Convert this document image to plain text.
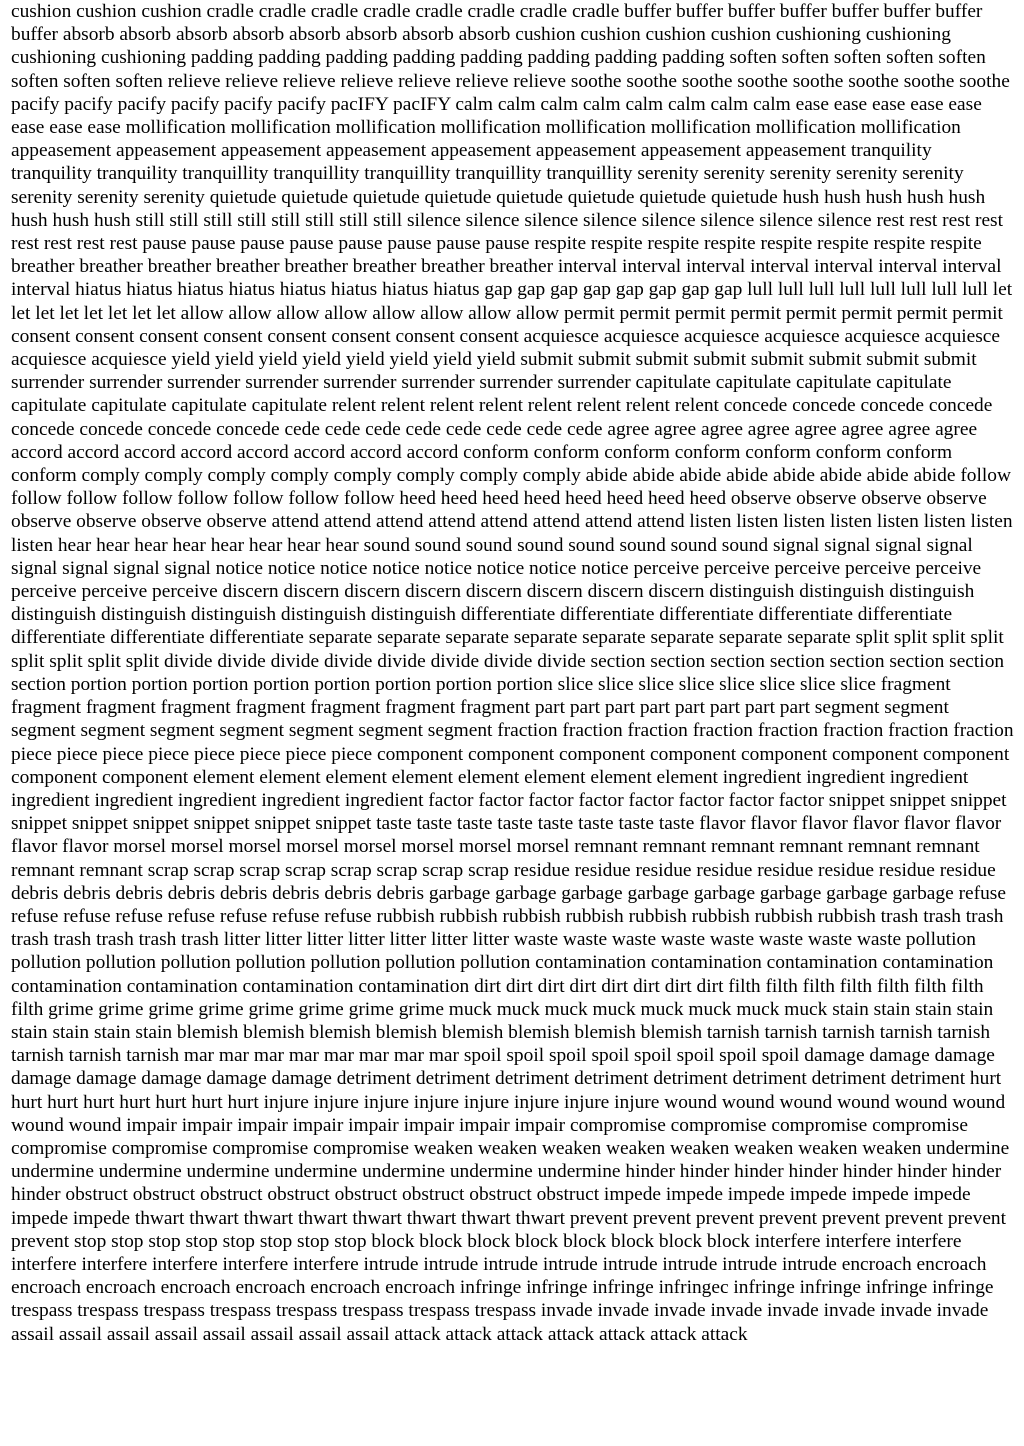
cushion cushion cushion cradle cradle cradle cradle cradle cradle cradle cradle buffer buffer buffer buffer buffer buffer buffer buffer absorb absorb absorb absorb absorb absorb absorb absorb cushion cushion cushion cushion cushioning cushioning cushioning cushioning padding padding padding padding padding padding padding padding soften soften soften soften soften soften soften soften relieve relieve relieve relieve relieve relieve relieve soothe soothe soothe soothe soothe soothe soothe soothe pacify pacify pacify pacify pacify pacify pacIFY pacIFY calm calm calm calm calm calm calm calm ease ease ease ease ease ease ease ease mollification mollification mollification mollification mollification mollification mollification mollification appeasement appeasement appeasement appeasement appeasement appeasement appeasement appeasement tranquility tranquility tranquility tranquillity tranquillity tranquillity tranquillity tranquillity serenity serenity serenity serenity serenity serenity serenity serenity quietude quietude quietude quietude quietude quietude quietude quietude hush hush hush hush hush hush hush hush still still still still still still still still silence silence silence silence silence silence silence silence rest rest rest rest rest rest rest rest pause pause pause pause pause pause pause pause respite respite respite respite respite respite respite respite breather breather breather breather breather breather breather breather interval interval interval interval interval interval interval interval hiatus hiatus hiatus hiatus hiatus hiatus hiatus hiatus gap gap gap gap gap gap gap gap lull lull lull lull lull lull lull lull let let let let let let let let allow allow allow allow allow allow allow allow permit permit permit permit permit permit permit permit consent consent consent consent consent consent consent consent acquiesce acquiesce acquiesce acquiesce acquiesce acquiesce acquiesce acquiesce yield yield yield yield yield yield yield yield submit submit submit submit submit submit submit submit surrender surrender surrender surrender surrender surrender surrender surrender capitulate capitulate capitulate capitulate capitulate capitulate capitulate capitulate relent relent relent relent relent relent relent relent concede concede concede concede concede concede concede concede cede cede cede cede cede cede cede cede agree agree agree agree agree agree agree agree accord accord accord accord accord accord accord accord conform conform conform conform conform conform conform conform comply comply comply comply comply comply comply comply abide abide abide abide abide abide abide abide follow follow follow follow follow follow follow follow heed heed heed heed heed heed heed heed observe observe observe observe observe observe observe observe attend attend attend attend attend attend attend attend listen listen listen listen listen listen listen listen hear hear hear hear hear hear hear hear sound sound sound sound sound sound sound sound signal signal signal signal signal signal signal signal notice notice notice notice notice notice notice notice perceive perceive perceive perceive perceive perceive perceive perceive discern discern discern discern discern discern discern discern distinguish distinguish distinguish distinguish distinguish distinguish distinguish distinguish differentiate differentiate differentiate differentiate differentiate differentiate differentiate differentiate separate separate separate separate separate separate separate separate split split split split split split split split divide divide divide divide divide divide divide divide section section section section section section section section portion portion portion portion portion portion portion portion slice slice slice slice slice slice slice slice fragment fragment fragment fragment fragment fragment fragment fragment part part part part part part part part segment segment segment segment segment segment segment segment segment fraction fraction fraction fraction fraction fraction fraction fraction piece piece piece piece piece piece piece piece component component component component component component component component component element element element element element element element element ingredient ingredient ingredient ingredient ingredient ingredient ingredient ingredient factor factor factor factor factor factor factor factor snippet snippet snippet snippet snippet snippet snippet snippet snippet taste taste taste taste taste taste taste taste flavor flavor flavor flavor flavor flavor flavor flavor morsel morsel morsel morsel morsel morsel morsel morsel remnant remnant remnant remnant remnant remnant remnant remnant scrap scrap scrap scrap scrap scrap scrap scrap residue residue residue residue residue residue residue residue debris debris debris debris debris debris debris debris garbage garbage garbage garbage garbage garbage garbage garbage refuse refuse refuse refuse refuse refuse refuse refuse rubbish rubbish rubbish rubbish rubbish rubbish rubbish rubbish trash trash trash trash trash trash trash trash litter litter litter litter litter litter litter waste waste waste waste waste waste waste waste pollution pollution pollution pollution pollution pollution pollution pollution contamination contamination contamination contamination contamination contamination contamination contamination dirt dirt dirt dirt dirt dirt dirt dirt filth filth filth filth filth filth filth filth grime grime grime grime grime grime grime grime muck muck muck muck muck muck muck muck stain stain stain stain stain stain stain stain blemish blemish blemish blemish blemish blemish blemish blemish tarnish tarnish tarnish tarnish tarnish tarnish tarnish tarnish mar mar mar mar mar mar mar mar spoil spoil spoil spoil spoil spoil spoil spoil damage damage damage damage damage damage damage damage detriment detriment detriment detriment detriment detriment detriment detriment hurt hurt hurt hurt hurt hurt hurt hurt injure injure injure injure injure injure injure injure wound wound wound wound wound wound wound wound impair impair impair impair impair impair impair impair compromise compromise compromise compromise compromise compromise compromise compromise weaken weaken weaken weaken weaken weaken weaken weaken undermine undermine undermine undermine undermine undermine undermine undermine hinder hinder hinder hinder hinder hinder hinder hinder obstruct obstruct obstruct obstruct obstruct obstruct obstruct obstruct impede impede impede impede impede impede impede impede thwart thwart thwart thwart thwart thwart thwart thwart prevent prevent prevent prevent prevent prevent prevent prevent stop stop stop stop stop stop stop stop block block block block block block block block interfere interfere interfere interfere interfere interfere interfere interfere intrude intrude intrude intrude intrude intrude intrude intrude encroach encroach encroach encroach encroach encroach encroach encroach infringe infringe infringe infringec infringe infringe infringe infringe trespass trespass trespass trespass trespass trespass trespass trespass invade invade invade invade invade invade invade invade assail assail assail assail assail assail assail assail attack attack attack attack attack attack attack
